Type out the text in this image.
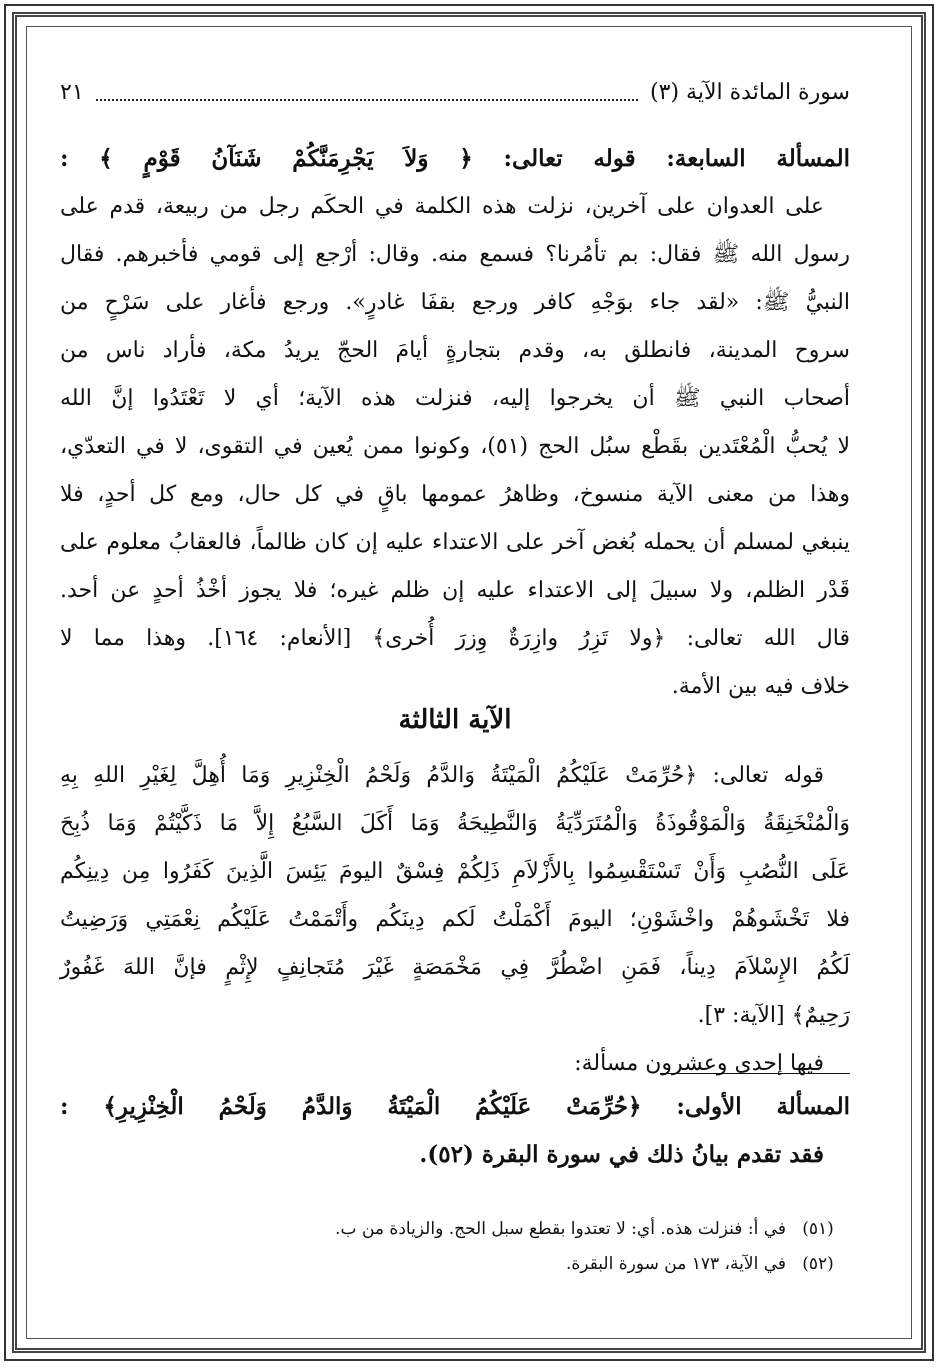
سورة المائدة الآية (٣)
٢١
المسألة السابعة: قوله تعالى: ﴿ وَلاَ يَجْرِمَنَّكُمْ شَنَآنُ قَوْمٍ ﴾ :
على العدوان على آخرين، نزلت هذه الكلمة في الحكَم رجل من ربيعة، قدم على
رسول الله ﷺ فقال: بم تأمُرنا؟ فسمع منه. وقال: أرْجع إلى قومي فأخبرهم. فقال
النبيُّ ﷺ: «لقد جاء بوَجْهِ كافر ورجع بقفَا غادرٍ». ورجع فأغار على سَرْحٍ من
سروح المدينة، فانطلق به، وقدم بتجارةٍ أيامَ الحجّ يريدُ مكة، فأراد ناس من
أصحاب النبي ﷺ أن يخرجوا إليه، فنزلت هذه الآية؛ أي لا تَعْتَدُوا إنَّ الله
لا يُحبُّ الْمُعْتَدين بقَطْع سبُل الحج (٥١)، وكونوا ممن يُعين في التقوى، لا في التعدّي،
وهذا من معنى الآية منسوخ، وظاهرُ عمومها باقٍ في كل حال، ومع كل أحدٍ، فلا
ينبغي لمسلم أن يحمله بُغض آخر على الاعتداء عليه إن كان ظالماً، فالعقابُ معلوم على
قَدْر الظلم، ولا سبيلَ إلى الاعتداء عليه إن ظلم غيره؛ فلا يجوز أخْذُ أحدٍ عن أحد.
قال الله تعالى: ﴿ولا تَزِرُ وازِرَةٌ وِزرَ أُخرى﴾ [الأنعام: ١٦٤]. وهذا مما لا
خلاف فيه بين الأمة.
الآية الثالثة
قوله تعالى: ﴿حُرِّمَتْ عَلَيْكُمُ الْمَيْتَةُ وَالدَّمُ وَلَحْمُ الْخِنْزِيرِ وَمَا أُهِلَّ لِغَيْرِ اللهِ بِهِ
وَالْمُنْخَنِقَةُ وَالْمَوْقُوذَةُ وَالْمُتَرَدِّيَةُ وَالنَّطِيحَةُ وَمَا أَكَلَ السَّبُعُ إِلاَّ مَا ذَكَّيْتُمْ وَمَا ذُبِحَ
عَلَى النُّصُبِ وَأَنْ تَسْتَقْسِمُوا بِالأَزْلاَمِ ذَلِكُمْ فِسْقٌ اليومَ يَئِسَ الَّذِينَ كَفَرُوا مِن دِينِكُم
فلا تَخْشَوهُمْ واخْشَوْنِ؛ اليومَ أَكْمَلْتُ لَكم دِينَكُم وأَتْمَمْتُ عَلَيْكُم نِعْمَتِي وَرَضِيتُ
لَكُمُ الإِسْلاَمَ دِيناً، فَمَنِ اضْطُرَّ فِي مَخْمَصَةٍ غَيْرَ مُتَجانِفٍ لإِثْمٍ فإنَّ اللهَ غَفُورٌ
رَحِيمٌ﴾ [الآية: ٣].
فيها إحدى وعشرون مسألة:
المسألة الأولى: ﴿حُرِّمَتْ عَلَيْكُمُ الْمَيْتَةُ وَالدَّمُ وَلَحْمُ الْخِنْزِيرِ﴾ :
فقد تقدم بيانُ ذلك في سورة البقرة (٥٢).
(٥١)
في أ: فنزلت هذه. أي: لا تعتدوا بقطع سبل الحج. والزيادة من ب.
(٥٢)
في الآية، ١٧٣ من سورة البقرة.
